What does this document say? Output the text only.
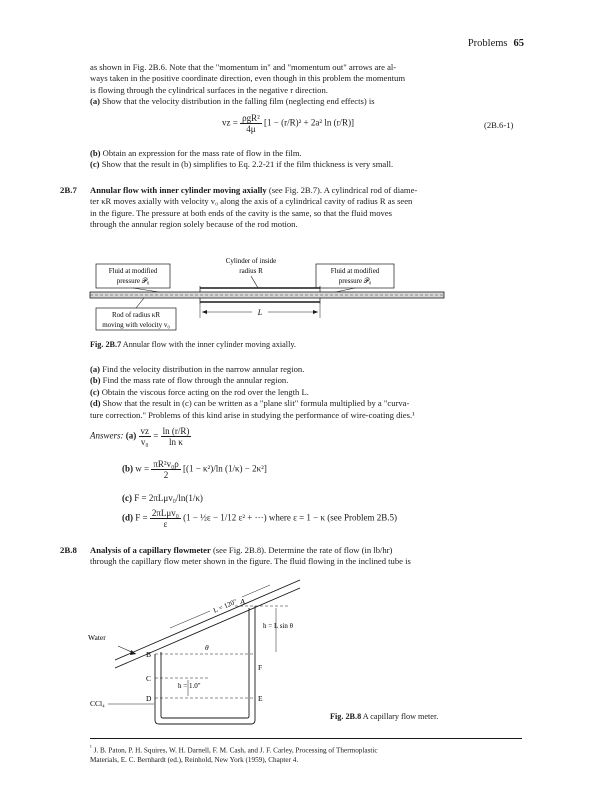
Problems 65
as shown in Fig. 2B.6. Note that the "momentum in" and "momentum out" arrows are al-
ways taken in the positive coordinate direction, even though in this problem the momentum
is flowing through the cylindrical surfaces in the negative r direction.
(a) Show that the velocity distribution in the falling film (neglecting end effects) is
vz = $\frac{\text{ρgR²}}{4\mu} [1 - (r/R)^2 + 2a^2$ ln (r/R)]	(2B.6-1)
(b) Obtain an expression for the mass rate of flow in the film.
(c) Show that the result in (b) simplifies to Eq. 2.2-21 if the film thickness is very small.
2B.7 Annular flow with inner cylinder moving axially (see Fig. 2B.7). A cylindrical rod of diame-
ter κR moves axially with velocity v₀ along the axis of a cylindrical cavity of radius R as seen
in the figure. The pressure at both ends of the cavity is the same, so that the fluid moves
through the annular region solely because of the rod motion.
Fluid at modified
pressure 𝒫₀
Cylinder of inside
radius R	Fluid at modified
pressure 𝒫₀
Rod of radius κR
moving with velocity v₀
L
Fig. 2B.7 Annular flow with the inner cylinder moving axially.
(a) Find the velocity distribution in the narrow annular region.
(b) Find the mass rate of flow through the annular region.
(c) Obtain the viscous force acting on the rod over the length L.
(d) Show that the result in (c) can be written as a "plane slit" formula multiplied by a "curva-
ture correction." Problems of this kind arise in studying the performance of wire-coating dies.¹
Answers: $(a) \frac{vz}{\text{v₀}} = \frac{\ln (r/R)}{\text{ln κ}}$
(b) $w = \frac{\text{πR²v₀ρ}}{2} [(1 - \kappa^2)/\ln$ (1/κ) − 2κ²]
(c) F = 2πLμv₀/ln(1/κ)
(d) $F = \frac{\text{2πLμv₀}}{\varepsilon} (1$ − ½ε − 1/12 ε² + ···) where ε = 1 − κ (see Problem 2B.5)
2B.8 Analysis of a capillary flowmeter (see Fig. 2B.8). Determine the rate of flow (in lb/hr)
through the capillary flow meter shown in the figure. The fluid flowing in the inclined tube is
L = 120″
Water
B
C
D	E
F
A
θ
CCl₄
h = L sin θ
h = 1.0″
Fig. 2B.8 A capillary flow meter.
$^{^1}$ J. B. Paton, P. H. Squires, W. H. Darnell, F. M. Cash, and J. F. Carley, Processing of Thermoplastic
Materials, E. C. Bernhardt (ed.), Reinhold, New York (1959), Chapter 4.
